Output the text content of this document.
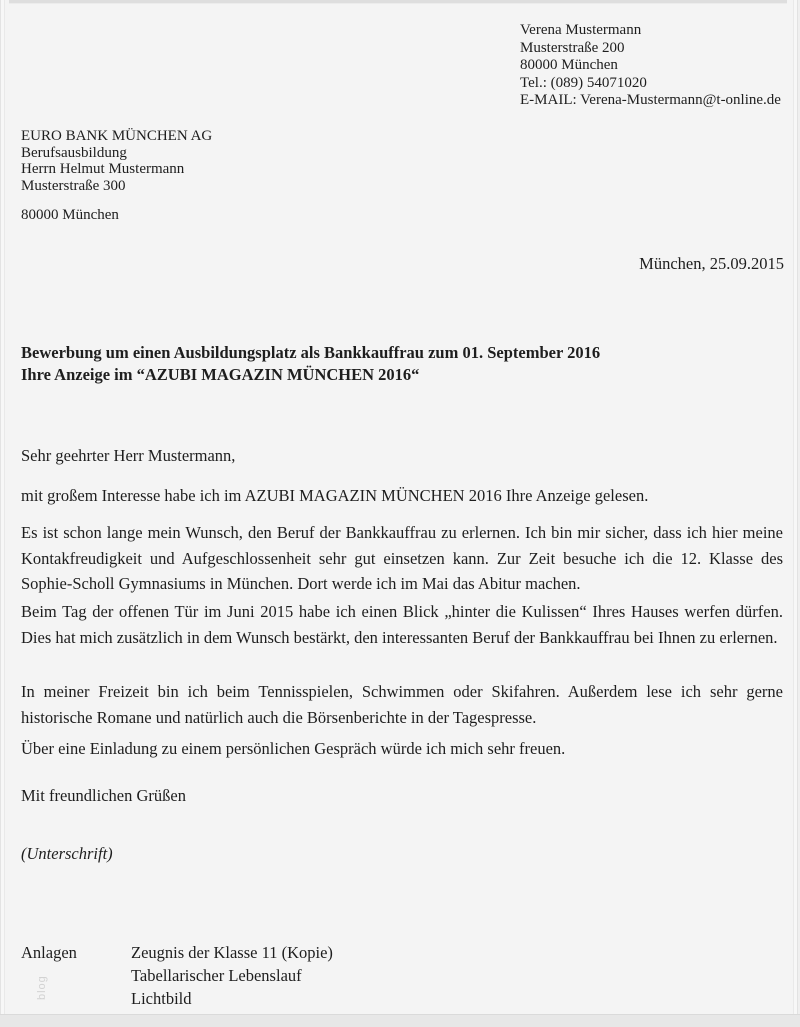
blog
Verena Mustermann
Musterstraße 200
80000 München
Tel.: (089) 54071020
E-MAIL: Verena-Mustermann@t-online.de
EURO BANK MÜNCHEN AG
Berufsausbildung
Herrn Helmut Mustermann
Musterstraße 300
80000 München
München, 25.09.2015
Bewerbung um einen Ausbildungsplatz als Bankkauffrau zum 01. September 2016
Ihre Anzeige im “AZUBI MAGAZIN MÜNCHEN 2016“
Sehr geehrter Herr Mustermann,
mit großem Interesse habe ich im AZUBI MAGAZIN MÜNCHEN 2016 Ihre Anzeige gelesen.
Es ist schon lange mein Wunsch, den Beruf der Bankkauffrau zu erlernen. Ich bin mir sicher, dass ich hier meine Kontakfreudigkeit und Aufgeschlossenheit sehr gut einsetzen kann. Zur Zeit besuche ich die 12. Klasse des Sophie-Scholl Gymnasiums in München. Dort werde ich im Mai das Abitur machen.
Beim Tag der offenen Tür im Juni 2015 habe ich einen Blick „hinter die Kulissen“ Ihres Hauses werfen dürfen. Dies hat mich zusätzlich in dem Wunsch bestärkt, den interessanten Beruf der Bankkauffrau bei Ihnen zu erlernen.
In meiner Freizeit bin ich beim Tennisspielen, Schwimmen oder Skifahren. Außerdem lese ich sehr gerne historische Romane und natürlich auch die Börsenberichte in der Tagespresse.
Über eine Einladung zu einem persönlichen Gespräch würde ich mich sehr freuen.
Mit freundlichen Grüßen
(Unterschrift)
Anlagen	Zeugnis der Klasse 11 (Kopie)
Tabellarischer Lebenslauf
Lichtbild
